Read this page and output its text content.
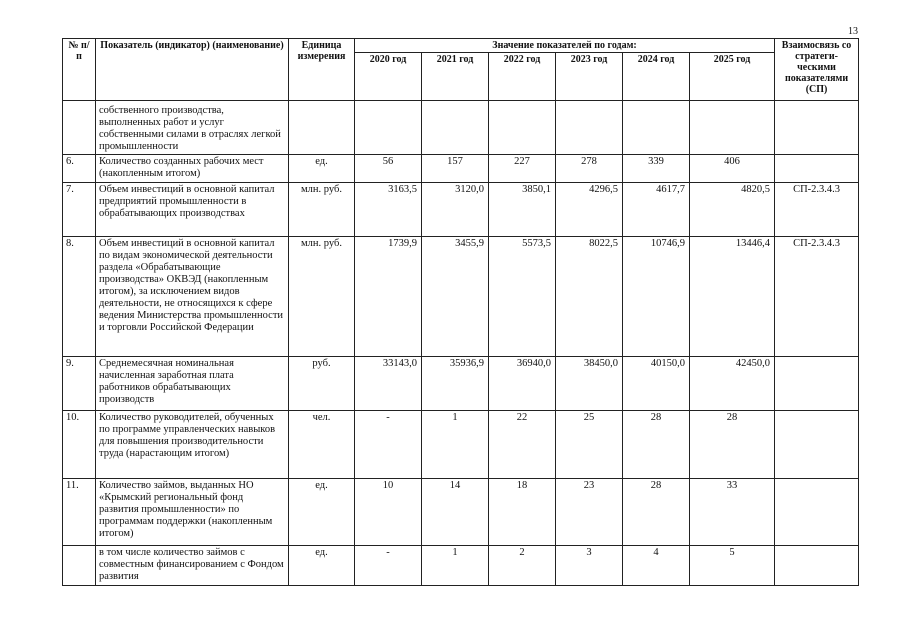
13
№ п/п	Показатель (индикатор) (наименование)	Единица измерения	Значение показателей по годам:						Взаимосвязь со стратеги-ческими показателями (СП)
			2020 год	2021 год	2022 год	2023 год	2024 год	2025 год	
	собственного производства, выполненных работ и услуг собственными силами в отраслях легкой промышленности								
6.	Количество созданных рабочих мест (накопленным итогом)	ед.	56	157	227	278	339	406	
7.	Объем инвестиций в основной капитал предприятий промышленности в обрабатывающих производствах	млн. руб.	3163,5	3120,0	3850,1	4296,5	4617,7	4820,5	СП-2.3.4.3
8.	Объем инвестиций в основной капитал по видам экономической деятельности раздела «Обрабатывающие производства» ОКВЭД (накопленным итогом), за исключением видов деятельности, не относящихся к сфере ведения Министерства промышленности и торговли Российской Федерации	млн. руб.	1739,9	3455,9	5573,5	8022,5	10746,9	13446,4	СП-2.3.4.3
9.	Среднемесячная номинальная начисленная заработная плата работников обрабатывающих производств	руб.	33143,0	35936,9	36940,0	38450,0	40150,0	42450,0	
10.	Количество руководителей, обученных по программе управленческих навыков для повышения производительности труда (нарастающим итогом)	чел.	-	1	22	25	28	28	
11.	Количество займов, выданных НО «Крымский региональный фонд развития промышленности» по программам поддержки (накопленным итогом)	ед.	10	14	18	23	28	33	
	в том числе количество займов с совместным финансированием с Фондом развития	ед.	-	1	2	3	4	5	
